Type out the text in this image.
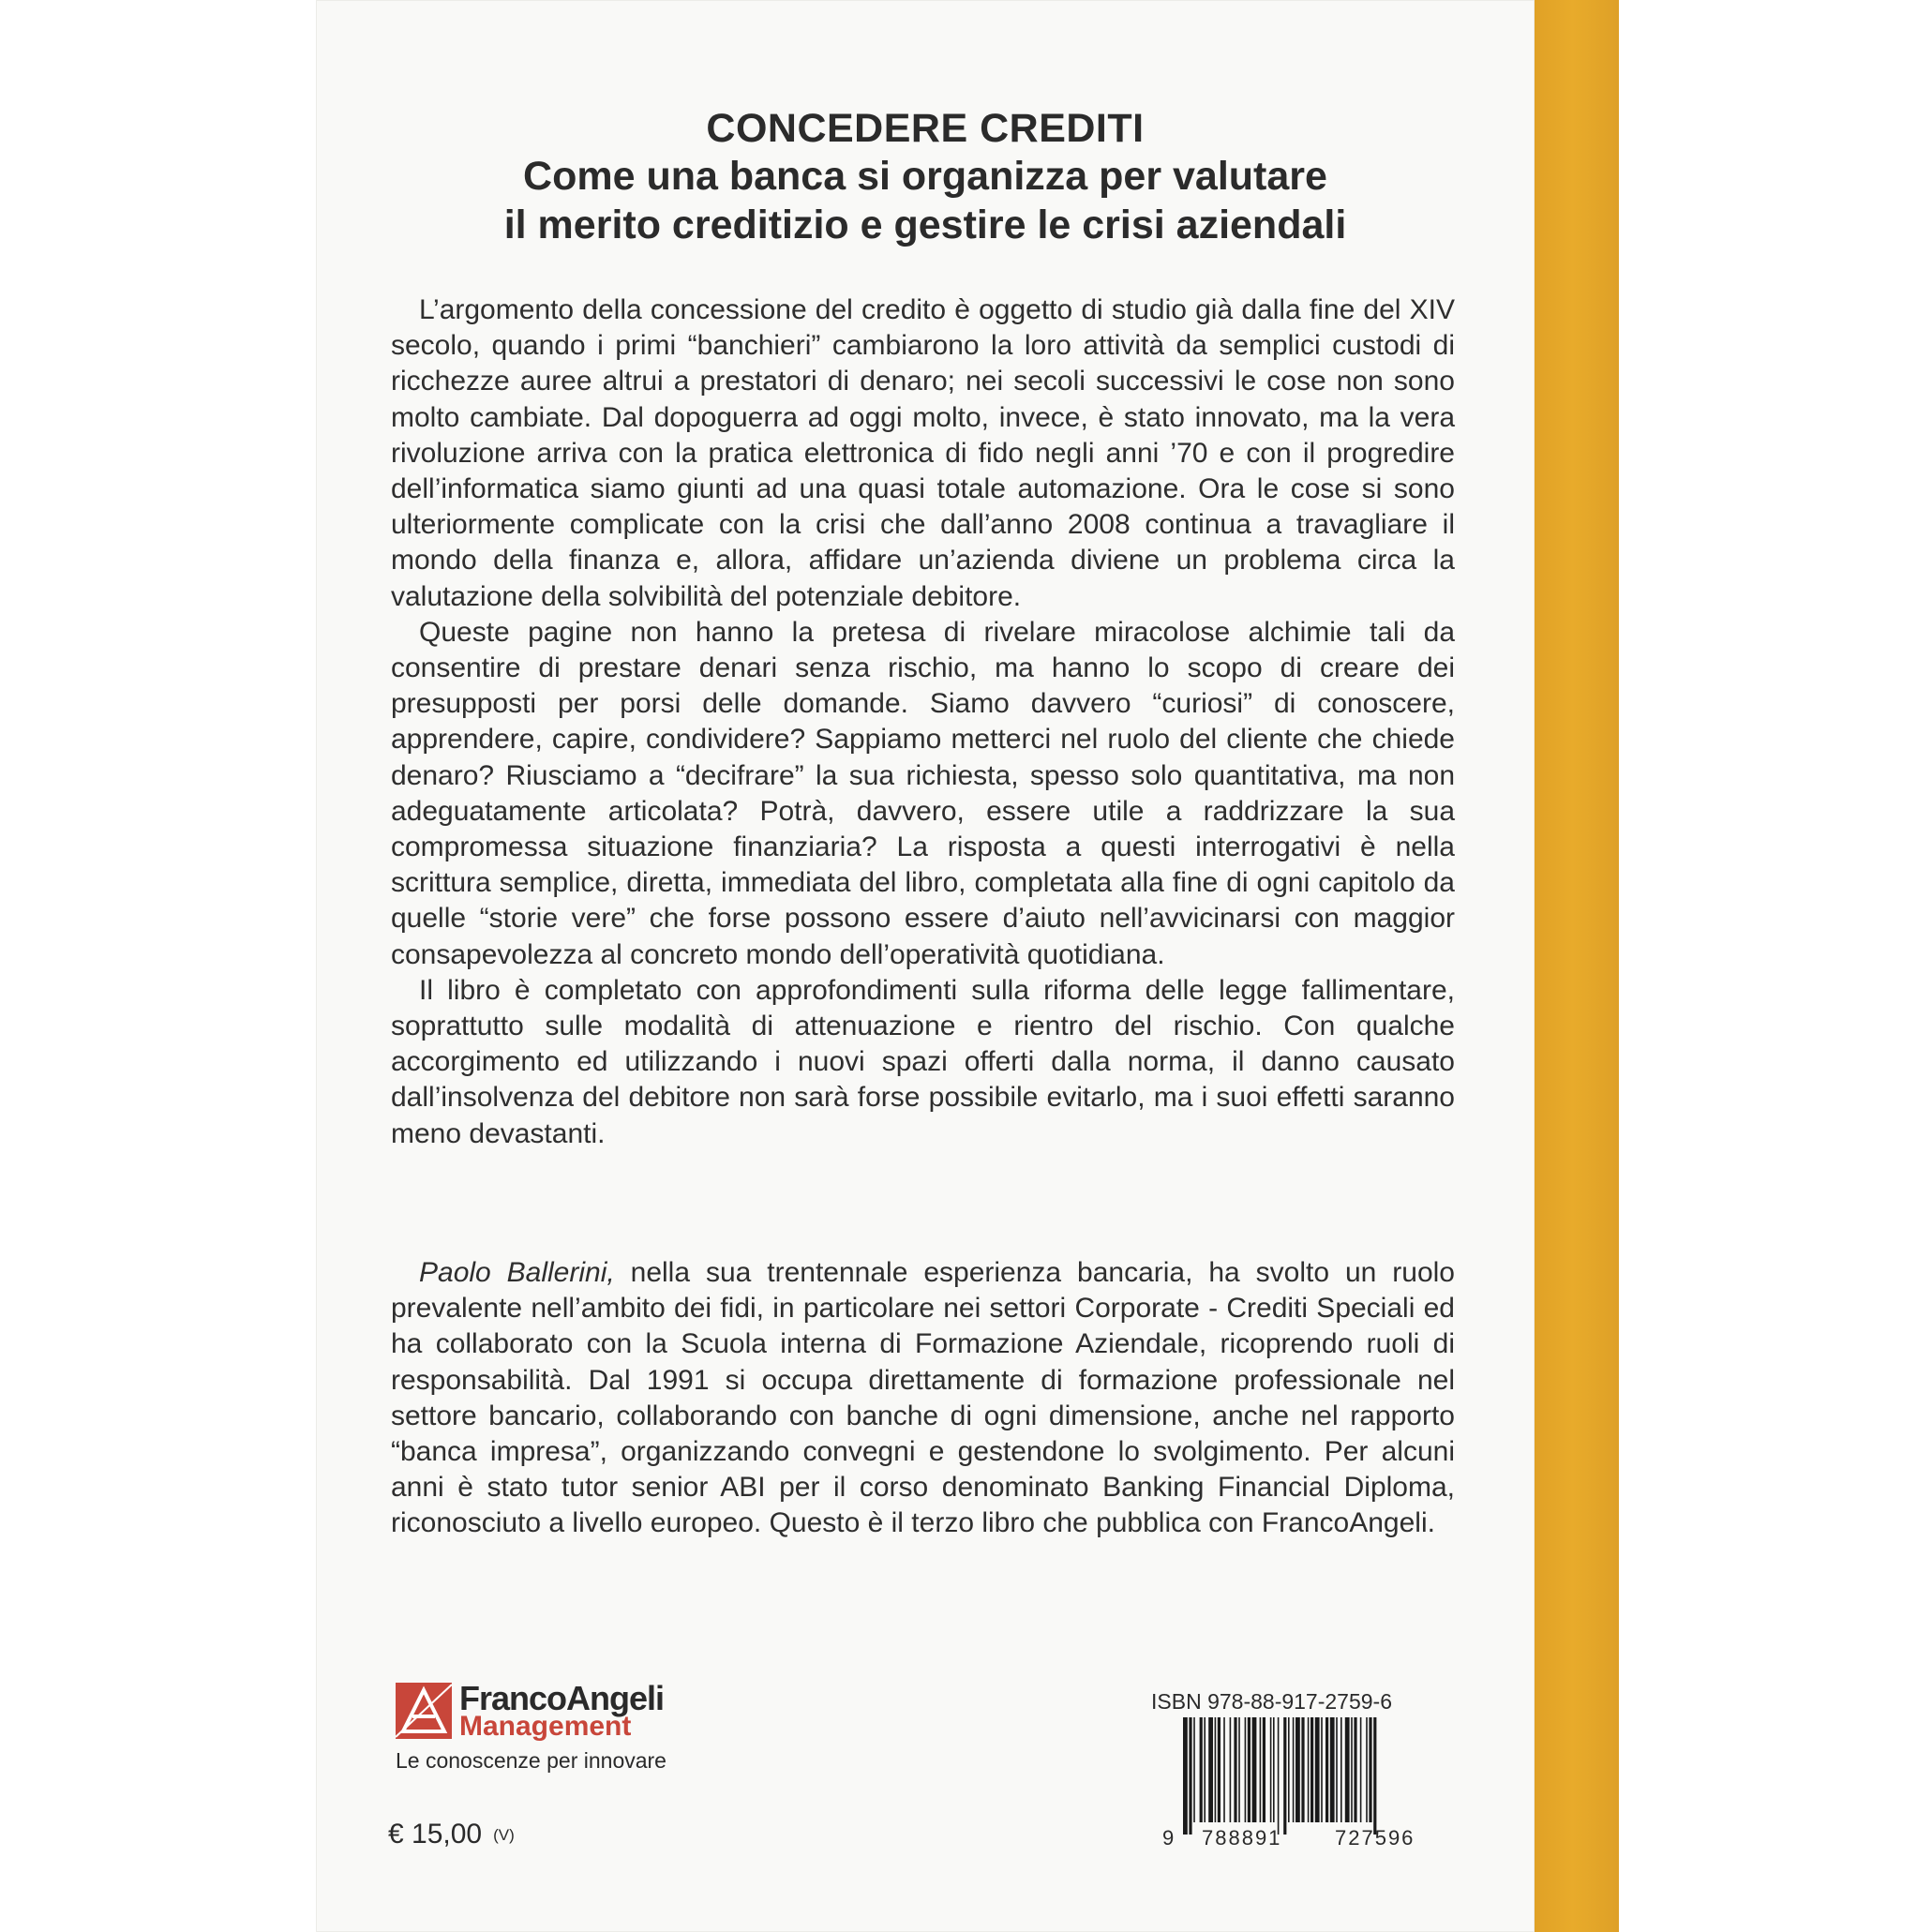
CONCEDERE CREDITI

Come una banca si organizza per valutare

il merito creditizio e gestire le crisi aziendali

L’argomento della concessione del credito è oggetto di studio già dalla fine del XIV secolo, quando i primi “banchieri” cambiarono la loro attività da semplici custodi di ricchezze auree altrui a prestatori di denaro; nei secoli successivi le cose non sono molto cambiate. Dal dopoguerra ad oggi molto, invece, è stato innovato, ma la vera rivoluzione arriva con la pratica elettronica di fido negli anni ’70 e con il progredire dell’informatica siamo giunti ad una quasi totale automazione. Ora le cose si sono ulteriormente complicate con la crisi che dall’anno 2008 continua a travagliare il mondo della finanza e, allora, affidare un’azienda diviene un problema circa la valutazione della solvibilità del potenziale debitore.

Queste pagine non hanno la pretesa di rivelare miracolose alchimie tali da consentire di prestare denari senza rischio, ma hanno lo scopo di creare dei presupposti per porsi delle domande. Siamo davvero “curiosi” di conoscere, apprendere, capire, condividere? Sappiamo metterci nel ruolo del cliente che chiede denaro? Riusciamo a “decifrare” la sua richiesta, spesso solo quantitativa, ma non adeguatamente articolata? Potrà, davvero, essere utile a raddrizzare la sua compromessa situazione finanziaria? La risposta a questi interrogativi è nella scrittura semplice, diretta, immediata del libro, completata alla fine di ogni capitolo da quelle “storie vere” che forse possono essere d’aiuto nell’avvicinarsi con maggior consapevolezza al concreto mondo dell’operatività quotidiana.

Il libro è completato con approfondimenti sulla riforma delle legge fallimentare, soprattutto sulle modalità di attenuazione e rientro del rischio. Con qualche accorgimento ed utilizzando i nuovi spazi offerti dalla norma, il danno causato dall’insolvenza del debitore non sarà forse possibile evitarlo, ma i suoi effetti saranno meno devastanti.

Paolo Ballerini, nella sua trentennale esperienza bancaria, ha svolto un ruolo prevalente nell’ambito dei fidi, in particolare nei settori Corporate - Crediti Speciali ed ha collaborato con la Scuola interna di Formazione Aziendale, ricoprendo ruoli di responsabilità. Dal 1991 si occupa direttamente di formazione professionale nel settore bancario, collaborando con banche di ogni dimensione, anche nel rapporto “banca impresa”, organizzando convegni e gestendone lo svolgimento. Per alcuni anni è stato tutor senior ABI per il corso denominato Banking Financial Diploma, riconosciuto a livello europeo. Questo è il terzo libro che pubblica con FrancoAngeli.

FrancoAngeli
Management
Le conoscenze per innovare
€ 15,00 (V)
ISBN 978-88-917-2759-6
9 788891	727596
